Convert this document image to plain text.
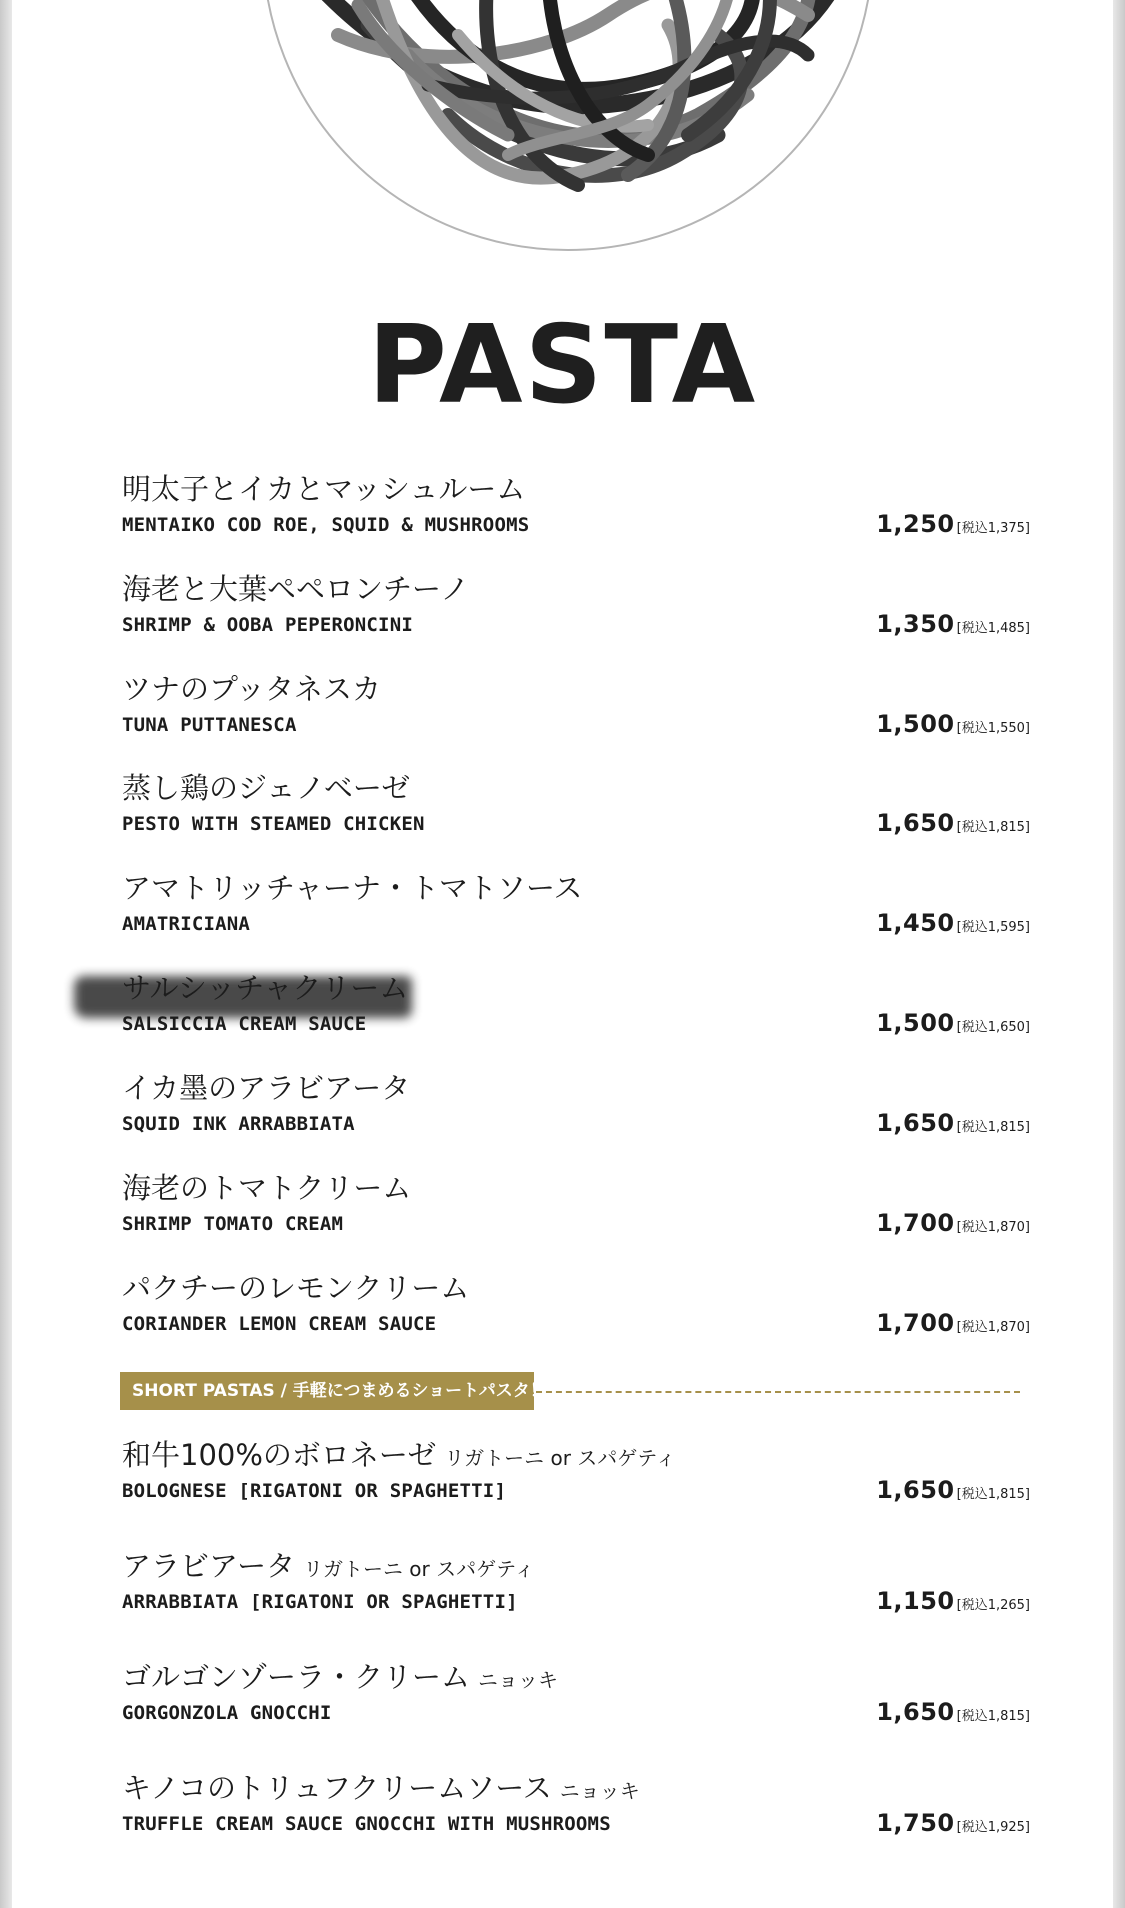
PASTA
明太子とイカとマッシュルーム
MENTAIKO COD ROE, SQUID & MUSHROOMS	1,250 [税込1,375]
海老と大葉ペペロンチーノ
SHRIMP & OOBA PEPERONCINI	1,350 [税込1,485]
ツナのプッタネスカ
TUNA PUTTANESCA	1,500 [税込1,550]
蒸し鶏のジェノベーゼ
PESTO WITH STEAMED CHICKEN	1,650 [税込1,815]
アマトリッチャーナ・トマトソース
AMATRICIANA	1,450 [税込1,595]
サルシッチャクリーム
SALSICCIA CREAM SAUCE	1,500 [税込1,650]
イカ墨のアラビアータ
SQUID INK ARRABBIATA	1,650 [税込1,815]
海老のトマトクリーム
SHRIMP TOMATO CREAM	1,700 [税込1,870]
パクチーのレモンクリーム
CORIANDER LEMON CREAM SAUCE	1,700 [税込1,870]
SHORT PASTAS / 手軽につまめるショートパスタ！
和牛100%のボロネーゼ リガトーニ or スパゲティ
BOLOGNESE [RIGATONI OR SPAGHETTI]	1,650 [税込1,815]
アラビアータ リガトーニ or スパゲティ
ARRABBIATA [RIGATONI OR SPAGHETTI]	1,150 [税込1,265]
ゴルゴンゾーラ・クリーム ニョッキ
GORGONZOLA GNOCCHI	1,650 [税込1,815]
キノコのトリュフクリームソース ニョッキ
TRUFFLE CREAM SAUCE GNOCCHI WITH MUSHROOMS	1,750 [税込1,925]
